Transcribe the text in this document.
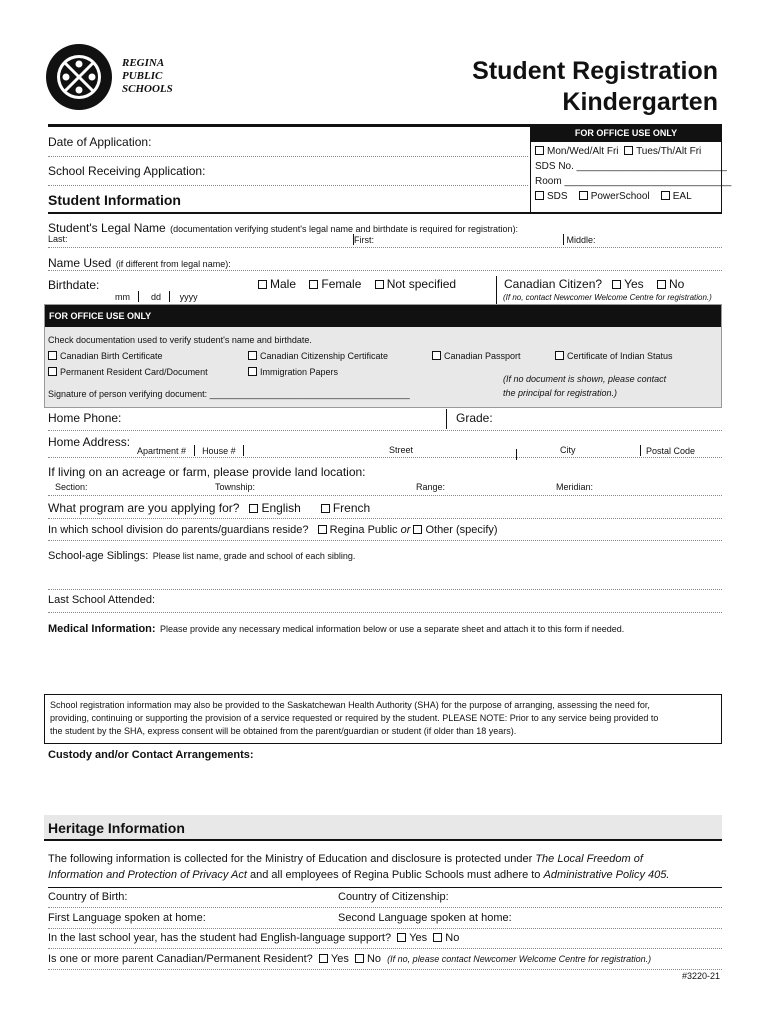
REGINA
PUBLIC
SCHOOLS
Student Registration
Kindergarten
FOR OFFICE USE ONLY
Mon/Wed/Alt Fri Tues/Th/Alt Fri
SDS No. ___________________________
Room ______________________________
SDS PowerSchool EAL
Date of Application:
School Receiving Application:
Student Information
Student's Legal Name (documentation verifying student's legal name and birthdate is required for registration):
Last:	First:	Middle:
Name Used (if different from legal name):
Birthdate:
mm dd yyyy
Male Female Not specified	Canadian Citizen? Yes No
(If no, contact Newcomer Welcome Centre for registration.)
FOR OFFICE USE ONLY
Check documentation used to verify student's name and birthdate.
Canadian Birth Certificate	Canadian Citizenship Certificate	Canadian Passport	Certificate of Indian Status
Permanent Resident Card/Document	Immigration Papers
(If no document is shown, please contact
the principal for registration.)
Signature of person verifying document: ________________________________________
Home Phone:	Grade:
Home Address:
Apartment # House #	Street	City	Postal Code
If living on an acreage or farm, please provide land location:
Section:	Township:	Range:	Meridian:
What program are you applying for? English	French
In which school division do parents/guardians reside? Regina Public or Other (specify)
School-age Siblings: Please list name, grade and school of each sibling.
Last School Attended:
Medical Information: Please provide any necessary medical information below or use a separate sheet and attach it to this form if needed.
School registration information may also be provided to the Saskatchewan Health Authority (SHA) for the purpose of arranging, assessing the need for,
providing, continuing or supporting the provision of a service requested or required by the student. PLEASE NOTE: Prior to any service being provided to
the student by the SHA, express consent will be obtained from the parent/guardian or student (if older than 18 years).
Custody and/or Contact Arrangements:
Heritage Information
The following information is collected for the Ministry of Education and disclosure is protected under The Local Freedom of
Information and Protection of Privacy Act and all employees of Regina Public Schools must adhere to Administrative Policy 405.
Country of Birth:	Country of Citizenship:
First Language spoken at home:	Second Language spoken at home:
In the last school year, has the student had English-language support? Yes No
Is one or more parent Canadian/Permanent Resident? Yes No (If no, please contact Newcomer Welcome Centre for registration.)
#3220-21
